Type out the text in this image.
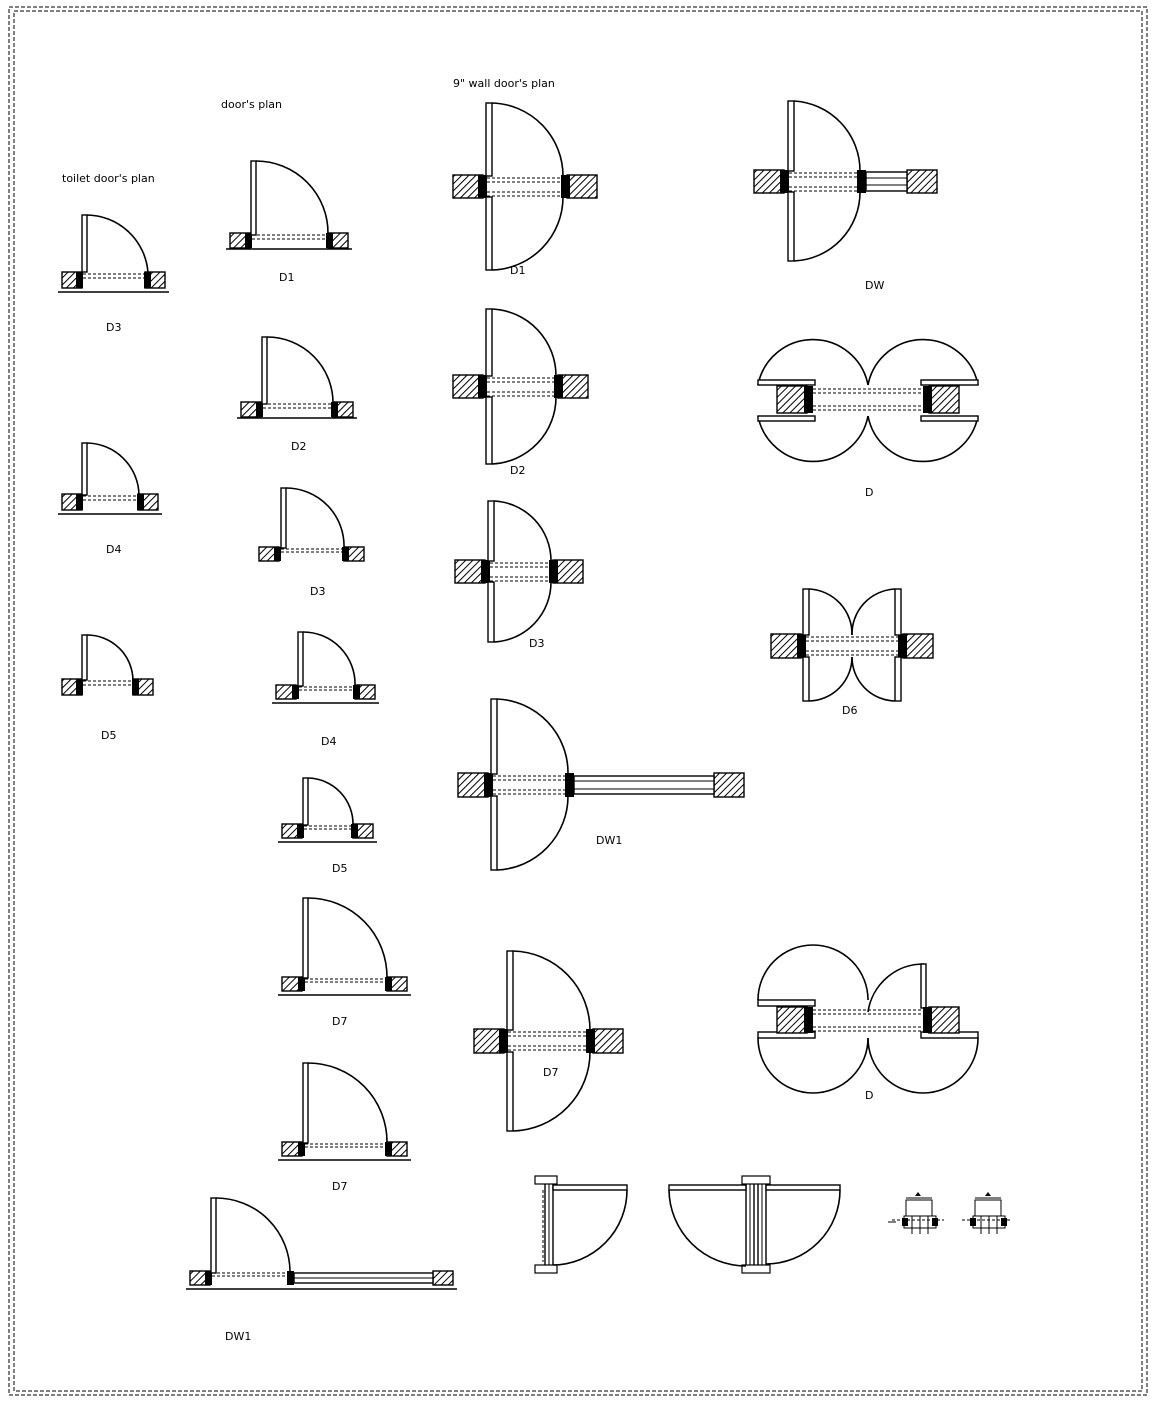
toilet door's plan
door's plan
9" wall door's plan
D3
D4
D5
D1
D2
D3
D4
D5
D7
D7
DW1
D1
D2
D3
DW1
D7
DW
D
D6
D
